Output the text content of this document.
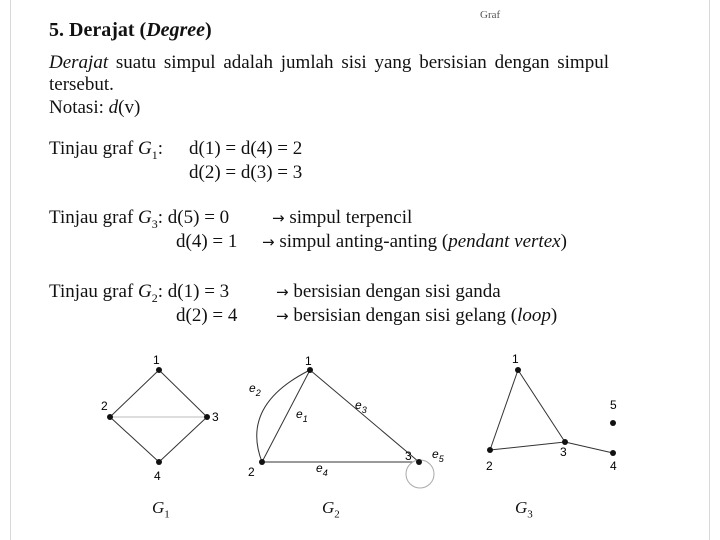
Graf
5. Derajat (Degree)
Derajat suatu simpul adalah jumlah sisi yang bersisian dengan simpul tersebut.
Notasi: d(v)
Tinjau graf $G_1$: d(1) = d(4) = 2
d(2) = d(3) = 3
Tinjau graf $G_3$: d(5) = 0	→ simpul terpencil
d(4) = 1 → simpul anting-anting (pendant vertex)
Tinjau graf $G_2$: d(1) = 3	→ bersisian dengan sisi ganda
d(2) = 4	→ bersisian dengan sisi gelang (loop)
1
2
3
4
1
2
3
$e_1$
$e_2$
$e_3$
$e_4$
$e_5$
1
2
3
4
5
$G_1$	$G_2$	$G_3$
